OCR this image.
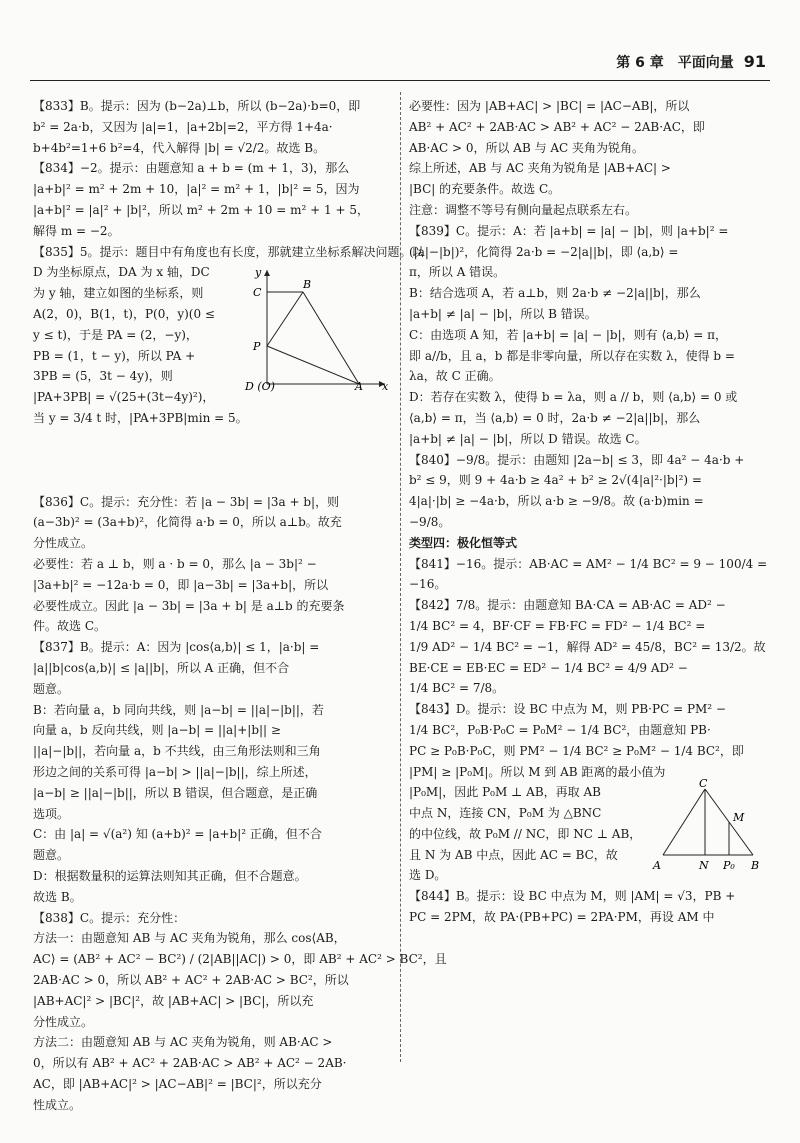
第 6 章　平面向量 91
【833】B。提示：因为 (b−2a)⊥b，所以 (b−2a)·b=0，即
b² = 2a·b，又因为 |a|=1，|a+2b|=2，平方得 1+4a·
b+4b²=1+6 b²=4，代入解得 |b| = √2/2。故选 B。
【834】−2。提示：由题意知 a + b = (m + 1，3)，那么
|a+b|² = m² + 2m + 10，|a|² = m² + 1，|b|² = 5，因为
|a+b|² = |a|² + |b|²，所以 m² + 2m + 10 = m² + 1 + 5，
解得 m = −2。
【835】5。提示：题目中有角度也有长度，那就建立坐标系解决问题。以
D 为坐标原点，DA 为 x 轴，DC
为 y 轴，建立如图的坐标系，则
A(2，0)，B(1，t)，P(0，y)(0 ≤
y ≤ t)，于是 PA = (2，−y)，
PB = (1，t − y)，所以 PA +
3PB = (5，3t − 4y)，则
|PA+3PB| = √(25+(3t−4y)²)，
当 y = 3/4 t 时，|PA+3PB|min = 5。
y
C
B
P
D (O)	A x
【836】C。提示：充分性：若 |a − 3b| = |3a + b|，则
(a−3b)² = (3a+b)²，化简得 a·b = 0，所以 a⊥b。故充
分性成立。
必要性：若 a ⊥ b，则 a · b = 0，那么 |a − 3b|² −
|3a+b|² = −12a·b = 0，即 |a−3b| = |3a+b|，所以
必要性成立。因此 |a − 3b| = |3a + b| 是 a⊥b 的充要条
件。故选 C。
【837】B。提示：A：因为 |cos⟨a,b⟩| ≤ 1，|a·b| =
|a||b|cos⟨a,b⟩| ≤ |a||b|，所以 A 正确，但不合
题意。
B：若向量 a，b 同向共线，则 |a−b| = ||a|−|b||，若
向量 a，b 反向共线，则 |a−b| = ||a|+|b|| ≥
||a|−|b||，若向量 a，b 不共线，由三角形法则和三角
形边之间的关系可得 |a−b| > ||a|−|b||，综上所述，
|a−b| ≥ ||a|−|b||，所以 B 错误，但合题意，是正确
选项。
C：由 |a| = √(a²) 知 (a+b)² = |a+b|² 正确，但不合
题意。
D：根据数量积的运算法则知其正确，但不合题意。
故选 B。
【838】C。提示：充分性：
方法一：由题意知 AB 与 AC 夹角为锐角，那么 cos⟨AB，
AC⟩ = (AB² + AC² − BC²) / (2|AB||AC|) > 0，即 AB² + AC² > BC²，且
2AB·AC > 0，所以 AB² + AC² + 2AB·AC > BC²，所以
|AB+AC|² > |BC|²，故 |AB+AC| > |BC|，所以充
分性成立。
方法二：由题意知 AB 与 AC 夹角为锐角，则 AB·AC >
0，所以有 AB² + AC² + 2AB·AC > AB² + AC² − 2AB·
AC，即 |AB+AC|² > |AC−AB|² = |BC|²，所以充分
性成立。
必要性：因为 |AB+AC| > |BC| = |AC−AB|，所以
AB² + AC² + 2AB·AC > AB² + AC² − 2AB·AC，即
AB·AC > 0，所以 AB 与 AC 夹角为锐角。
综上所述，AB 与 AC 夹角为锐角是 |AB+AC| >
|BC| 的充要条件。故选 C。
注意：调整不等号有侧向量起点联系左右。
【839】C。提示：A：若 |a+b| = |a| − |b|，则 |a+b|² =
(|a|−|b|)²，化简得 2a·b = −2|a||b|，即 ⟨a,b⟩ =
π，所以 A 错误。
B：结合选项 A，若 a⊥b，则 2a·b ≠ −2|a||b|，那么
|a+b| ≠ |a| − |b|，所以 B 错误。
C：由选项 A 知，若 |a+b| = |a| − |b|，则有 ⟨a,b⟩ = π，
即 a//b，且 a，b 都是非零向量，所以存在实数 λ，使得 b =
λa，故 C 正确。
D：若存在实数 λ，使得 b = λa，则 a // b，则 ⟨a,b⟩ = 0 或
⟨a,b⟩ = π，当 ⟨a,b⟩ = 0 时，2a·b ≠ −2|a||b|，那么
|a+b| ≠ |a| − |b|，所以 D 错误。故选 C。
【840】−9/8。提示：由题知 |2a−b| ≤ 3，即 4a² − 4a·b +
b² ≤ 9，则 9 + 4a·b ≥ 4a² + b² ≥ 2√(4|a|²·|b|²) =
4|a|·|b| ≥ −4a·b，所以 a·b ≥ −9/8。故 (a·b)min =
−9/8。
类型四：极化恒等式
【841】−16。提示：AB·AC = AM² − 1/4 BC² = 9 − 100/4 =
−16。
【842】7/8。提示：由题意知 BA·CA = AB·AC = AD² −
1/4 BC² = 4，BF·CF = FB·FC = FD² − 1/4 BC² =
1/9 AD² − 1/4 BC² = −1，解得 AD² = 45/8，BC² = 13/2。故
BE·CE = EB·EC = ED² − 1/4 BC² = 4/9 AD² −
1/4 BC² = 7/8。
【843】D。提示：设 BC 中点为 M，则 PB·PC = PM² −
1/4 BC²，P₀B·P₀C = P₀M² − 1/4 BC²，由题意知 PB·
PC ≥ P₀B·P₀C，则 PM² − 1/4 BC² ≥ P₀M² − 1/4 BC²，即
|PM| ≥ |P₀M|。所以 M 到 AB 距离的最小值为
|P₀M|，因此 P₀M ⊥ AB，再取 AB
中点 N，连接 CN，P₀M 为 △BNC
的中位线，故 P₀M // NC，即 NC ⊥ AB，
且 N 为 AB 中点，因此 AC = BC，故
选 D。
C
M
A	N P₀ B
【844】B。提示：设 BC 中点为 M，则 |AM| = √3，PB +
PC = 2PM，故 PA·(PB+PC) = 2PA·PM，再设 AM 中
